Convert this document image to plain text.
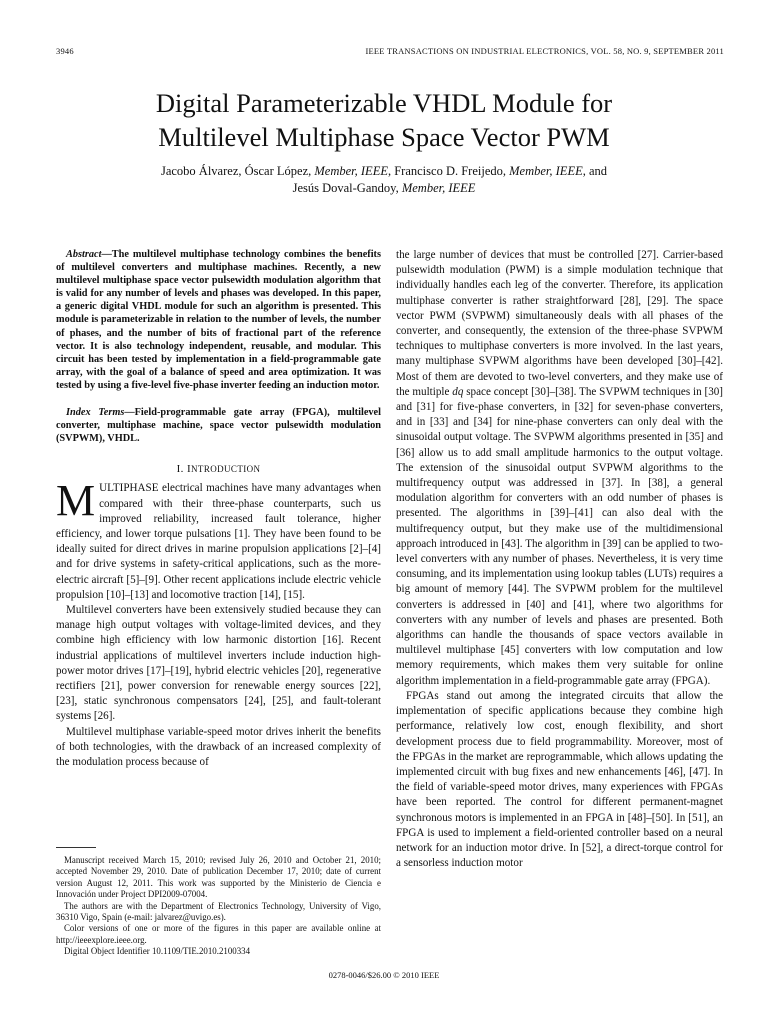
3946	IEEE TRANSACTIONS ON INDUSTRIAL ELECTRONICS, VOL. 58, NO. 9, SEPTEMBER 2011
Digital Parameterizable VHDL Module for
Multilevel Multiphase Space Vector PWM
Jacobo Álvarez, Óscar López, Member, IEEE, Francisco D. Freijedo, Member, IEEE, and
Jesús Doval-Gandoy, Member, IEEE

Abstract—The multilevel multiphase technology combines the benefits of multilevel converters and multiphase machines. Recently, a new multilevel multiphase space vector pulsewidth modulation algorithm that is valid for any number of levels and phases was developed. In this paper, a generic digital VHDL module for such an algorithm is presented. This module is parameterizable in relation to the number of levels, the number of phases, and the number of bits of fractional part of the reference vector. It is also technology independent, reusable, and modular. This circuit has been tested by implementation in a field-programmable gate array, with the goal of a balance of speed and area optimization. It was tested by using a five-level five-phase inverter feeding an induction motor.

Index Terms—Field-programmable gate array (FPGA), multilevel converter, multiphase machine, space vector pulsewidth modulation (SVPWM), VHDL.

I. INTRODUCTION

MULTIPHASE electrical machines have many advantages when compared with their three-phase counterparts, such us improved reliability, increased fault tolerance, higher efficiency, and lower torque pulsations [1]. They have been found to be ideally suited for direct drives in marine propulsion applications [2]–[4] and for drive systems in safety-critical applications, such as the more-electric aircraft [5]–[9]. Other recent applications include electric vehicle propulsion [10]–[13] and locomotive traction [14], [15].

Multilevel converters have been extensively studied because they can manage high output voltages with voltage-limited devices, and they combine high efficiency with low harmonic distortion [16]. Recent industrial applications of multilevel inverters include induction high-power motor drives [17]–[19], hybrid electric vehicles [20], regenerative rectifiers [21], power conversion for renewable energy sources [22], [23], static synchronous compensators [24], [25], and fault-tolerant systems [26].

Multilevel multiphase variable-speed motor drives inherit the benefits of both technologies, with the drawback of an increased complexity of the modulation process because of

Manuscript received March 15, 2010; revised July 26, 2010 and October 21, 2010; accepted November 29, 2010. Date of publication December 17, 2010; date of current version August 12, 2011. This work was supported by the Ministerio de Ciencia e Innovación under Project DPI2009-07004.

The authors are with the Department of Electronics Technology, University of Vigo, 36310 Vigo, Spain (e-mail: jalvarez@uvigo.es).

Color versions of one or more of the figures in this paper are available online at http://ieeexplore.ieee.org.

Digital Object Identifier 10.1109/TIE.2010.2100334

the large number of devices that must be controlled [27]. Carrier-based pulsewidth modulation (PWM) is a simple modulation technique that individually handles each leg of the converter. Therefore, its application multiphase converter is rather straightforward [28], [29]. The space vector PWM (SVPWM) simultaneously deals with all phases of the converter, and consequently, the extension of the three-phase SVPWM techniques to multiphase converters is more involved. In the last years, many multiphase SVPWM algorithms have been developed [30]–[42]. Most of them are devoted to two-level converters, and they make use of the multiple dq space concept [30]–[38]. The SVPWM techniques in [30] and [31] for five-phase converters, in [32] for seven-phase converters, and in [33] and [34] for nine-phase converters can only deal with the sinusoidal output voltage. The SVPWM algorithms presented in [35] and [36] allow us to add small amplitude harmonics to the output voltage. The extension of the sinusoidal output SVPWM algorithms to the multifrequency output was addressed in [37]. In [38], a general modulation algorithm for converters with an odd number of phases is presented. The algorithms in [39]–[41] can also deal with the multifrequency output, but they make use of the multidimensional approach introduced in [43]. The algorithm in [39] can be applied to two-level converters with any number of phases. Nevertheless, it is very time consuming, and its implementation using lookup tables (LUTs) requires a big amount of memory [44]. The SVPWM problem for the multilevel converters is addressed in [40] and [41], where two algorithms for converters with any number of levels and phases are presented. Both algorithms can handle the thousands of space vectors available in multilevel multiphase [45] converters with low computation and low memory requirements, which makes them very suitable for online algorithm implementation in a field-programmable gate array (FPGA).

FPGAs stand out among the integrated circuits that allow the implementation of specific applications because they combine high performance, relatively low cost, enough flexibility, and short development process due to field programmability. Moreover, most of the FPGAs in the market are reprogrammable, which allows updating the implemented circuit with bug fixes and new enhancements [46], [47]. In the field of variable-speed motor drives, many experiences with FPGAs have been reported. The control for different permanent-magnet synchronous motors is implemented in an FPGA in [48]–[50]. In [51], an FPGA is used to implement a field-oriented controller based on a neural network for an induction motor drive. In [52], a direct-torque control for a sensorless induction motor

0278-0046/$26.00 © 2010 IEEE
